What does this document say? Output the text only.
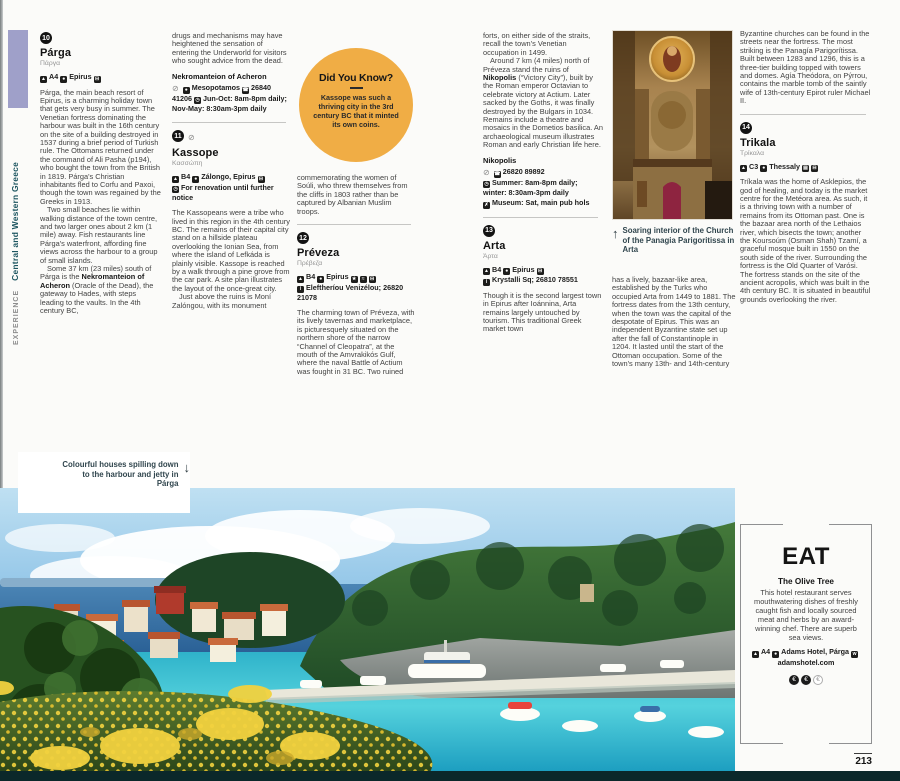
EXPERIENCE
Central and Western Greece
10
Párga
Πάργα
▲ A4 ● Epirus ⊟

Párga, the main beach resort of Epirus, is a charming holiday town that gets very busy in summer. The Venetian fortress dominating the harbour was built in the 16th century on the site of a building destroyed in 1537 during a brief period of Turkish rule. The Ottomans returned under the command of Ali Pasha (p194), who bought the town from the British in 1819. Párga's Christian inhabitants fled to Corfu and Paxoi, though the town was regained by the Greeks in 1913.

Two small beaches lie within walking distance of the town centre, and two larger ones about 2 km (1 mile) away. Fish restaurants line Párga's waterfront, affording fine views across the harbour to a group of small islands.

Some 37 km (23 miles) south of Párga is the Nekromanteion of Acheron (Oracle of the Dead), the gateway to Hades, with steps leading to the vaults. In the 4th century BC,

drugs and mechanisms may have heightened the sensation of entering the Underworld for visitors who sought advice from the dead.

Nekromanteion of Acheron
⊘ ● Mesopotamos ☎ 26840 41206 ◷ Jun-Oct: 8am-8pm daily; Nov-May: 8:30am-3pm daily
11 ⊘
Kassope
Κασσώπη
▲ B4 ● Zálongo, Epirus ⊟
◷ For renovation until further notice

The Kassopeans were a tribe who lived in this region in the 4th century BC. The remains of their capital city stand on a hillside plateau overlooking the Ionian Sea, from where the island of Lefkáda is plainly visible. Kassope is reached by a walk through a pine grove from the car park. A site plan illustrates the layout of the once-great city.

Just above the ruins is Moní Zalóngou, with its monument

Did You Know?
Kassope was such a thriving city in the 3rd century BC that it minted its own coins.

commemorating the women of Soúli, who threw themselves from the cliffs in 1803 rather than be captured by Albanian Muslim troops.

12
Préveza
Πρέβεζα
▲ B4 ● Epirus ★ ≈ ⊟
i Eleftheríou Venizélou; 26820 21078

The charming town of Préveza, with its lively tavernas and marketplace, is picturesquely situated on the northern shore of the narrow “Channel of Cleopatra”, at the mouth of the Amvrakikós Gulf, where the naval Battle of Actium was fought in 31 BC. Two ruined

forts, on either side of the straits, recall the town's Venetian occupation in 1499.

Around 7 km (4 miles) north of Préveza stand the ruins of Nikopolis (“Victory City”), built by the Roman emperor Octavian to celebrate victory at Actium. Later sacked by the Goths, it was finally destroyed by the Bulgars in 1034. Remains include a theatre and mosaics in the Dometios basilica. An archaeological museum illustrates Roman and early Christian life here.

Nikopolis
⊘ ☎ 26820 89892
◷ Summer: 8am-8pm daily; winter: 8:30am-3pm daily
✗ Museum: Sat, main pub hols
13
Arta
Άρτα
▲ B4 ● Epirus ⊟
i Krystalli Sq; 26810 78551

Though it is the second largest town in Epirus after Ioánnina, Arta remains largely untouched by tourism. This traditional Greek market town

↑ Soaring interior of the Church of the Panagia Parigoritissa in Arta

has a lively, bazaar-like area, established by the Turks who occupied Arta from 1449 to 1881. The fortress dates from the 13th century, when the town was the capital of the despotate of Epirus. This was an independent Byzantine state set up after the fall of Constantinople in 1204. It lasted until the start of the Ottoman occupation. Some of the town's many 13th- and 14th-century

Byzantine churches can be found in the streets near the fortress. The most striking is the Panagía Parigorítissa. Built between 1283 and 1296, this is a three-tier building topped with towers and domes. Agía Theódora, on Pýrrou, contains the marble tomb of the saintly wife of 13th-century Epirot ruler Michael II.

14
Trikala
Τρίκαλα
▲ C3 ● Thessaly ▤ ⊟

Tríkala was the home of Asklepios, the god of healing, and today is the market centre for the Metéora area. As such, it is a thriving town with a number of remains from its Ottoman past. One is the bazaar area north of the Lethaios river, which bisects the town; another the Koursoúm (Osman Shah) Tzamí, a graceful mosque built in 1550 on the south side of the river. Surrounding the fortress is the Old Quarter of Varósi. The fortress stands on the site of the ancient acropolis, which was built in the 4th century BC. It is situated in beautiful grounds overlooking the river.

EAT
The Olive Tree
This hotel restaurant serves mouthwatering dishes of freshly caught fish and locally sourced meat and herbs by an award-winning chef. There are superb sea views.
▲ A4 ● Adams Hotel, Párga wadamshotel.com
€	€	€
Colourful houses spilling down to the harbour and jetty in Párga
↓
213
